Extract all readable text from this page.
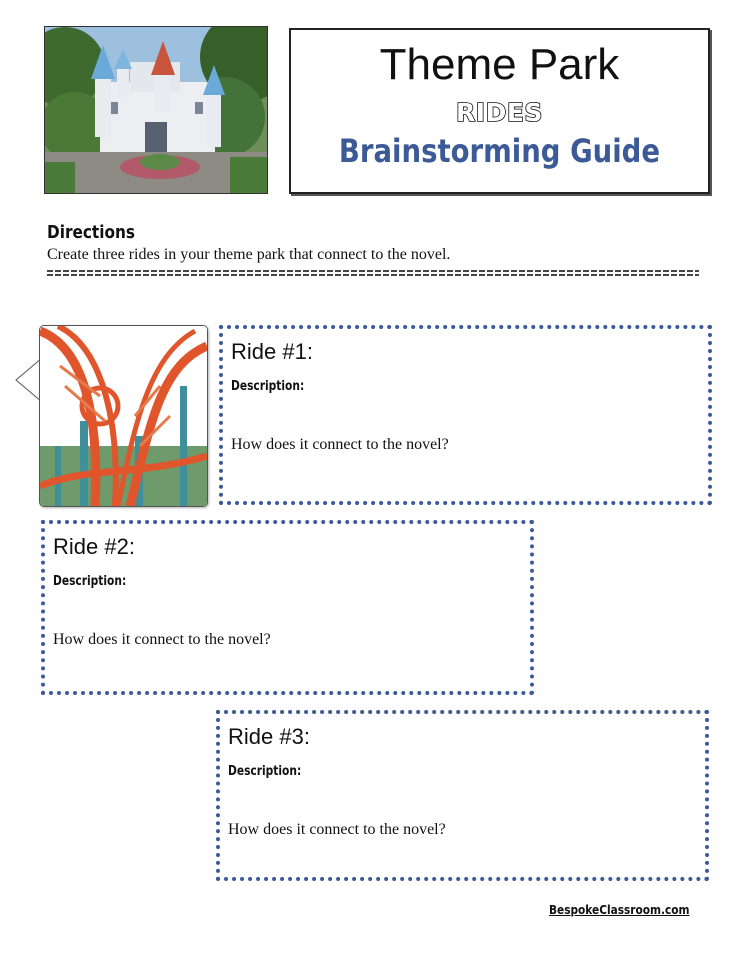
Theme Park
RIDES
Brainstorming Guide
Directions
Create three rides in your theme park that connect to the novel.
Ride #1:
Description:
How does it connect to the novel?
Ride #2:
Description:
How does it connect to the novel?
Ride #3:
Description:
How does it connect to the novel?
BespokeClassroom.com
